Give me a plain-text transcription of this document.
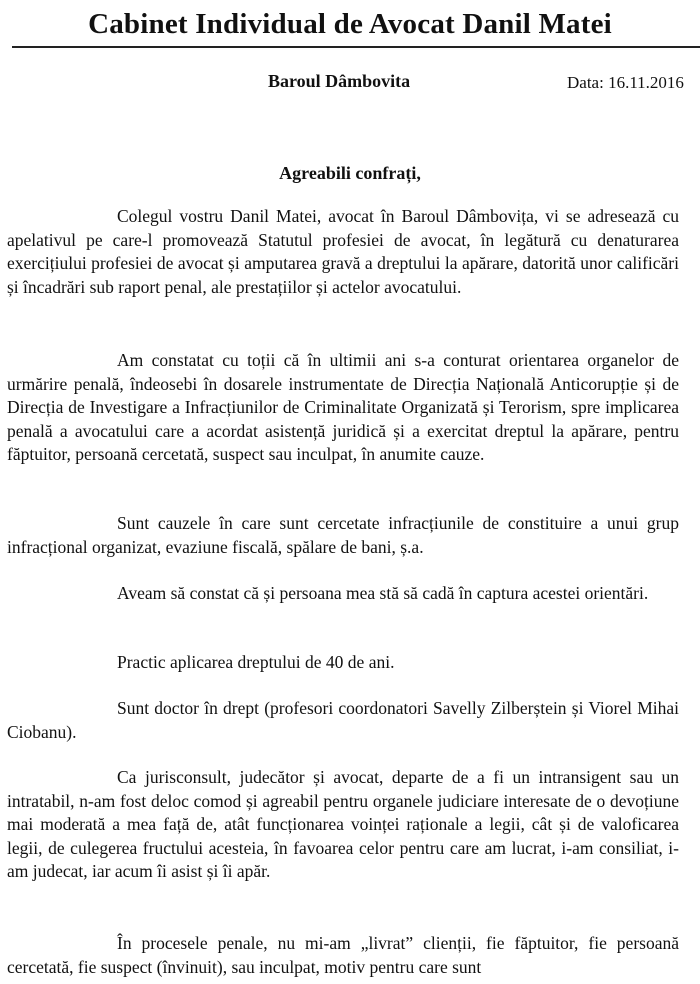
Cabinet Individual de Avocat Danil Matei
Baroul Dâmbovita	Data: 16.11.2016
Agreabili confrați,
Colegul vostru Danil Matei, avocat în Baroul Dâmbovița, vi se adresează cu apelativul pe care-l promovează Statutul profesiei de avocat, în legătură cu denaturarea exercițiului profesiei de avocat și amputarea gravă a dreptului la apărare, datorită unor calificări și încadrări sub raport penal, ale prestațiilor și actelor avocatului.
Am constatat cu toții că în ultimii ani s-a conturat orientarea organelor de urmărire penală, îndeosebi în dosarele instrumentate de Direcția Națională Anticorupție și de Direcția de Investigare a Infracțiunilor de Criminalitate Organizată și Terorism, spre implicarea penală a avocatului care a acordat asistență juridică și a exercitat dreptul la apărare, pentru făptuitor, persoană cercetată, suspect sau inculpat, în anumite cauze.
Sunt cauzele în care sunt cercetate infracțiunile de constituire a unui grup infracțional organizat, evaziune fiscală, spălare de bani, ș.a.
Aveam să constat că și persoana mea stă să cadă în captura acestei orientări.
Practic aplicarea dreptului de 40 de ani.
Sunt doctor în drept (profesori coordonatori Savelly Zilberștein și Viorel Mihai Ciobanu).
Ca jurisconsult, judecător și avocat, departe de a fi un intransigent sau un intratabil, n-am fost deloc comod și agreabil pentru organele judiciare interesate de o devoțiune mai moderată a mea față de, atât funcționarea voinței raționale a legii, cât și de valoficarea legii, de culegerea fructului acesteia, în favoarea celor pentru care am lucrat, i-am consiliat, i-am judecat, iar acum îi asist și îi apăr.
În procesele penale, nu mi-am „livrat” clienții, fie făptuitor, fie persoană cercetată, fie suspect (învinuit), sau inculpat, motiv pentru care sunt
